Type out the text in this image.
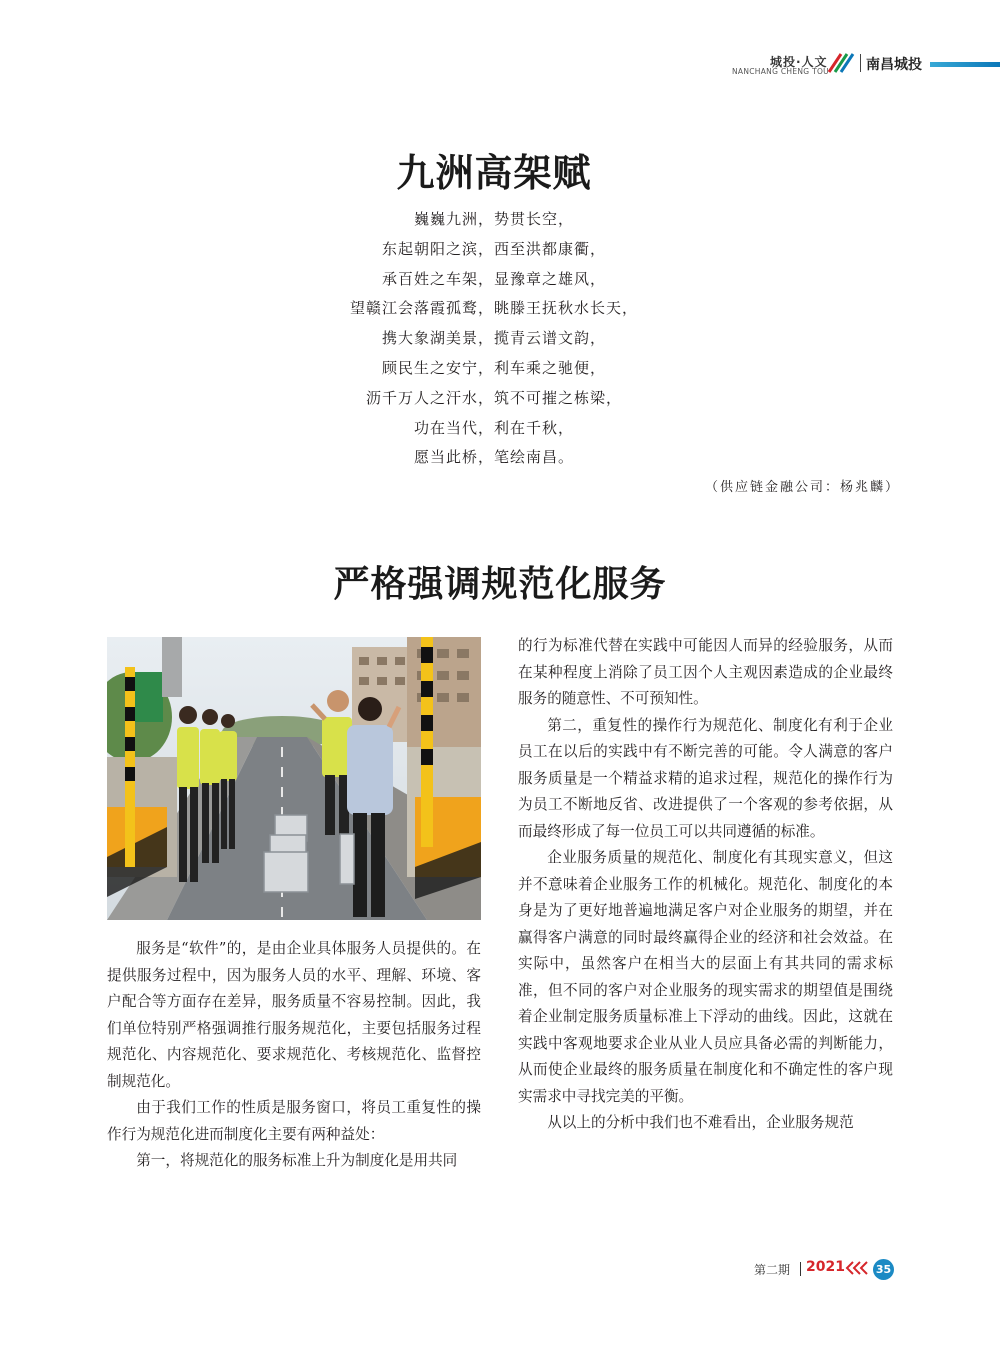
城投·人文
NANCHANG CHENG TOU	南昌城投
九洲高架赋
巍巍九洲，势贯长空，
东起朝阳之滨，西至洪都康衢，
承百姓之车架，显豫章之雄风，
望赣江会落霞孤鹜，眺滕王抚秋水长天，
携大象湖美景，揽青云谱文韵，
顾民生之安宁，利车乘之驰便，
沥千万人之汗水，筑不可摧之栋梁，
功在当代，利在千秋，
愿当此桥，笔绘南昌。
（供应链金融公司：杨兆麟）
严格强调规范化服务

服务是“软件”的，是由企业具体服务人员提供的。在提供服务过程中，因为服务人员的水平、理解、环境、客户配合等方面存在差异，服务质量不容易控制。因此，我们单位特别严格强调推行服务规范化，主要包括服务过程规范化、内容规范化、要求规范化、考核规范化、监督控制规范化。

由于我们工作的性质是服务窗口，将员工重复性的操作行为规范化进而制度化主要有两种益处：

第一，将规范化的服务标准上升为制度化是用共同

的行为标准代替在实践中可能因人而异的经验服务，从而在某种程度上消除了员工因个人主观因素造成的企业最终服务的随意性、不可预知性。

第二，重复性的操作行为规范化、制度化有利于企业员工在以后的实践中有不断完善的可能。令人满意的客户服务质量是一个精益求精的追求过程，规范化的操作行为为员工不断地反省、改进提供了一个客观的参考依据，从而最终形成了每一位员工可以共同遵循的标准。

企业服务质量的规范化、制度化有其现实意义，但这并不意味着企业服务工作的机械化。规范化、制度化的本身是为了更好地普遍地满足客户对企业服务的期望，并在赢得客户满意的同时最终赢得企业的经济和社会效益。在实际中，虽然客户在相当大的层面上有其共同的需求标准，但不同的客户对企业服务的现实需求的期望值是围绕着企业制定服务质量标准上下浮动的曲线。因此，这就在实践中客观地要求企业从业人员应具备必需的判断能力，从而使企业最终的服务质量在制度化和不确定性的客户现实需求中寻找完美的平衡。

从以上的分析中我们也不难看出，企业服务规范

第二期 2021	35
